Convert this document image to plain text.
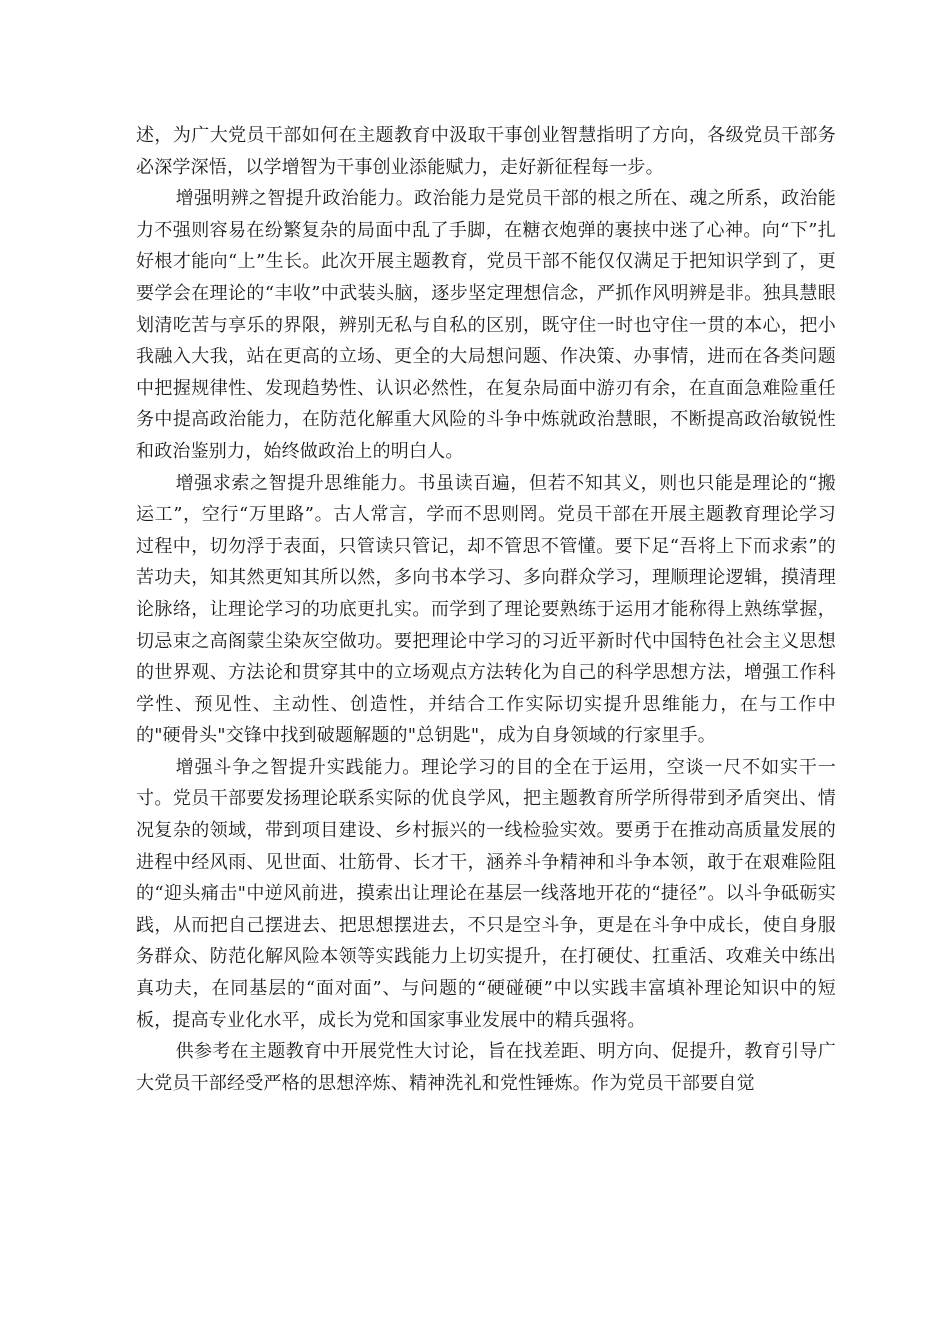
述，为广大党员干部如何在主题教育中汲取干事创业智慧指明了方向，各级党员干部务必深学深悟，以学增智为干事创业添能赋力，走好新征程每一步。

增强明辨之智提升政治能力。政治能力是党员干部的根之所在、魂之所系，政治能力不强则容易在纷繁复杂的局面中乱了手脚，在糖衣炮弹的裹挟中迷了心神。向“下”扎好根才能向“上”生长。此次开展主题教育，党员干部不能仅仅满足于把知识学到了，更要学会在理论的“丰收”中武装头脑，逐步坚定理想信念，严抓作风明辨是非。独具慧眼划清吃苦与享乐的界限，辨别无私与自私的区别，既守住一时也守住一贯的本心，把小我融入大我，站在更高的立场、更全的大局想问题、作决策、办事情，进而在各类问题中把握规律性、发现趋势性、认识必然性，在复杂局面中游刃有余，在直面急难险重任务中提高政治能力，在防范化解重大风险的斗争中炼就政治慧眼，不断提高政治敏锐性和政治鉴别力，始终做政治上的明白人。

增强求索之智提升思维能力。书虽读百遍，但若不知其义，则也只能是理论的“搬运工”，空行“万里路”。古人常言，学而不思则罔。党员干部在开展主题教育理论学习过程中，切勿浮于表面，只管读只管记，却不管思不管懂。要下足“吾将上下而求索”的苦功夫，知其然更知其所以然，多向书本学习、多向群众学习，理顺理论逻辑，摸清理论脉络，让理论学习的功底更扎实。而学到了理论要熟练于运用才能称得上熟练掌握，切忌束之高阁蒙尘染灰空做功。要把理论中学习的习近平新时代中国特色社会主义思想的世界观、方法论和贯穿其中的立场观点方法转化为自己的科学思想方法，增强工作科学性、预见性、主动性、创造性，并结合工作实际切实提升思维能力，在与工作中的"硬骨头"交锋中找到破题解题的"总钥匙"，成为自身领域的行家里手。

增强斗争之智提升实践能力。理论学习的目的全在于运用，空谈一尺不如实干一寸。党员干部要发扬理论联系实际的优良学风，把主题教育所学所得带到矛盾突出、情况复杂的领域，带到项目建设、乡村振兴的一线检验实效。要勇于在推动高质量发展的进程中经风雨、见世面、壮筋骨、长才干，涵养斗争精神和斗争本领，敢于在艰难险阻的“迎头痛击"中逆风前进，摸索出让理论在基层一线落地开花的“捷径”。以斗争砥砺实践，从而把自己摆进去、把思想摆进去，不只是空斗争，更是在斗争中成长，使自身服务群众、防范化解风险本领等实践能力上切实提升，在打硬仗、扛重活、攻难关中练出真功夫，在同基层的“面对面”、与问题的“硬碰硬”中以实践丰富填补理论知识中的短板，提高专业化水平，成长为党和国家事业发展中的精兵强将。

供参考在主题教育中开展党性大讨论，旨在找差距、明方向、促提升，教育引导广大党员干部经受严格的思想淬炼、精神洗礼和党性锤炼。作为党员干部要自觉
